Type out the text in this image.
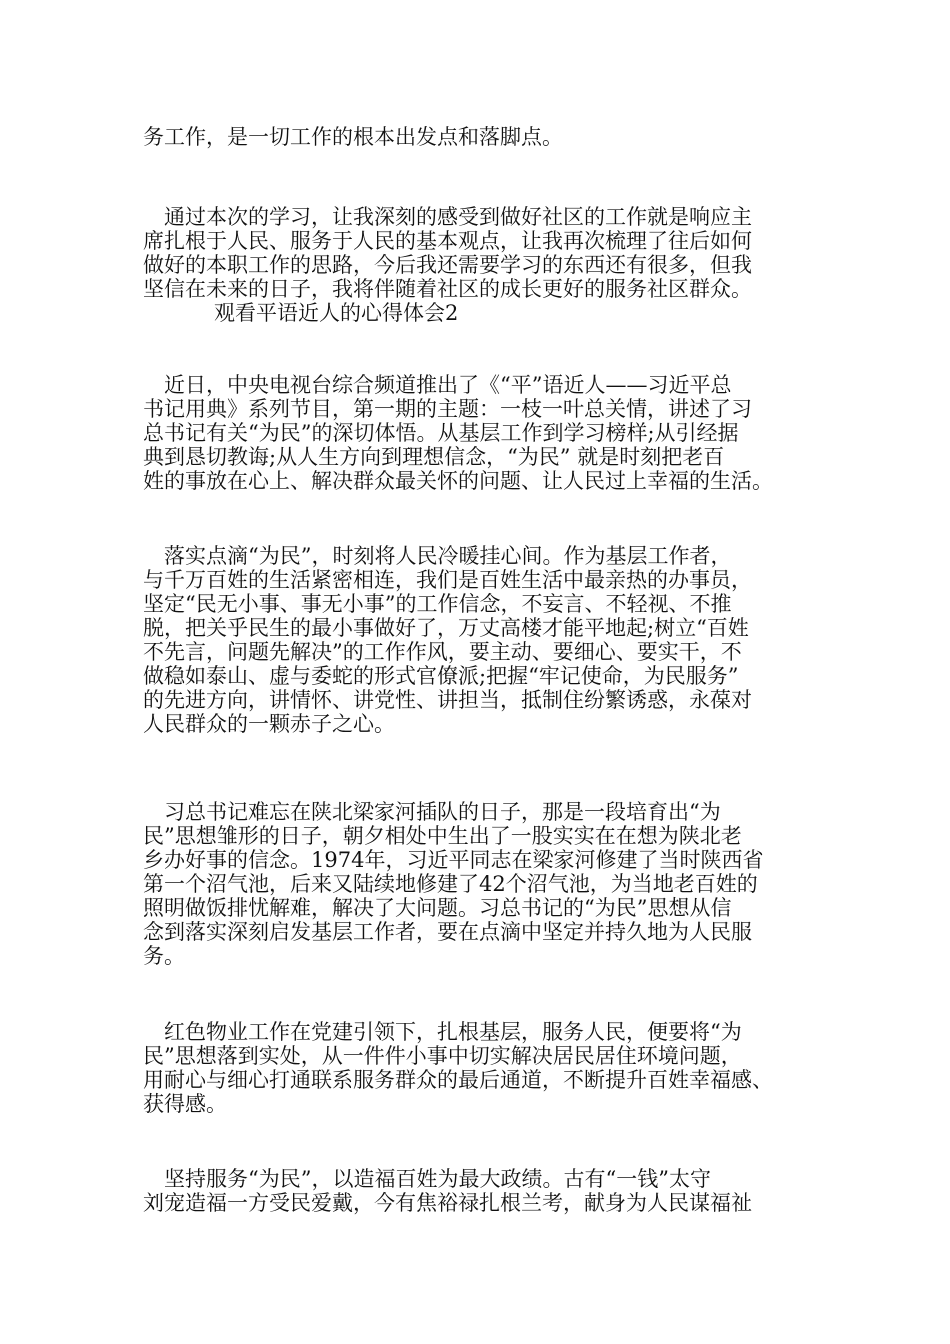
务工作，是一切工作的根本出发点和落脚点。
　通过本次的学习，让我深刻的感受到做好社区的工作就是响应主
席扎根于人民、服务于人民的基本观点，让我再次梳理了往后如何
做好的本职工作的思路，今后我还需要学习的东西还有很多，但我
坚信在未来的日子，我将伴随着社区的成长更好的服务社区群众。
观看平语近人的心得体会2
　近日，中央电视台综合频道推出了《“平”语近人——习近平总
书记用典》系列节目，第一期的主题：一枝一叶总关情，讲述了习
总书记有关“为民”的深切体悟。从基层工作到学习榜样;从引经据
典到恳切教诲;从人生方向到理想信念，“为民” 就是时刻把老百
姓的事放在心上、解决群众最关怀的问题、让人民过上幸福的生活。
　落实点滴“为民”，时刻将人民冷暖挂心间。作为基层工作者，
与千万百姓的生活紧密相连，我们是百姓生活中最亲热的办事员，
坚定“民无小事、事无小事”的工作信念，不妄言、不轻视、不推
脱，把关乎民生的最小事做好了，万丈高楼才能平地起;树立“百姓
不先言，问题先解决”的工作作风，要主动、要细心、要实干，不
做稳如泰山、虚与委蛇的形式官僚派;把握“牢记使命，为民服务”
的先进方向，讲情怀、讲党性、讲担当，抵制住纷繁诱惑，永葆对
人民群众的一颗赤子之心。
　习总书记难忘在陕北梁家河插队的日子，那是一段培育出“为
民”思想雏形的日子，朝夕相处中生出了一股实实在在想为陕北老
乡办好事的信念。1974年，习近平同志在梁家河修建了当时陕西省
第一个沼气池，后来又陆续地修建了42个沼气池，为当地老百姓的
照明做饭排忧解难，解决了大问题。习总书记的“为民”思想从信
念到落实深刻启发基层工作者，要在点滴中坚定并持久地为人民服
务。
　红色物业工作在党建引领下，扎根基层，服务人民，便要将“为
民”思想落到实处，从一件件小事中切实解决居民居住环境问题，
用耐心与细心打通联系服务群众的最后通道，不断提升百姓幸福感、
获得感。
　坚持服务“为民”，以造福百姓为最大政绩。古有“一钱”太守
刘宠造福一方受民爱戴，今有焦裕禄扎根兰考，献身为人民谋福祉
